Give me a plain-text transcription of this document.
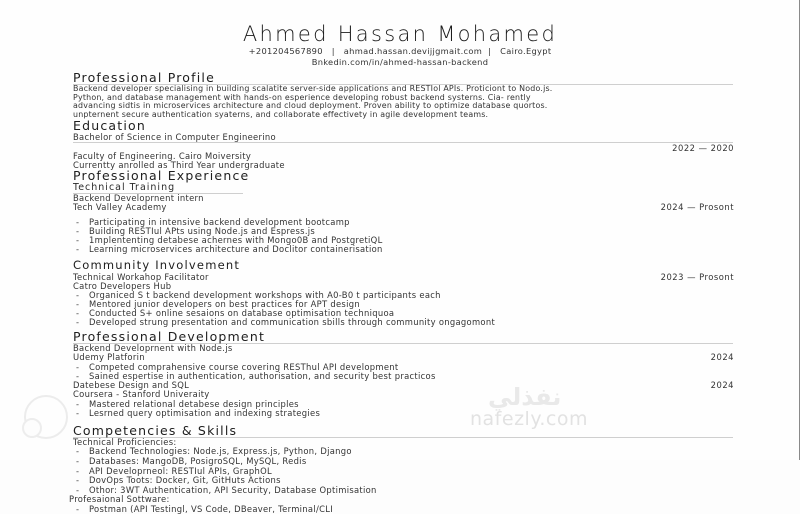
Ahmed Hassan Mohamed
+201204567890 | ahmad.hassan.devijjgmait.com | Cairo.Egypt
Bnkedin.com/in/ahmed-hassan-backend
Professional Profile
Backend developer specialising in building scalatite server-side applications and RESTIol APIs. Proticiont to Nodo.js.
Python, and database management with hands-on esperience developing robust backend systerns. Cia- rently
advancing sidtis in microservices architecture and cloud deployment. Proven ability to optimize database quortos.
unpternent secure authentication syaterns, and collaborate effectivety in agile development teams.
Education
Bachelor of Science in Computer Engineerino
2022 — 2020
Faculty of Engineering. Cairo Moiversity
Currentty anrolled as Third Year undergraduate
Professional Experience
Technical Training
Backend Developrnent intern
Tech Valley Academy	2024 — Prosont
- Participating in intensive backend development bootcamp
- Building RESTIul APts using Node.js and Espress.js
- 1mplententing detabese achernes with Mongo0B and PostgretiQL
- Learning microservices architecture and Doclitor containerisation
Community Involvement
Technical Workahop Facilitator	2023 — Prosont
Catro Developers Hub
- Organiced S t backend development workshops with A0-B0 t participants each
- Mentored junior developers on best practices for APT design
- Conducted S+ online sesaions on database optimisation techniquoa
- Developed strung presentation and communication sbills through community ongagomont
Professional Development
Backend Developrnent with Node.js
Udemy Platforin	2024
- Competed comprahensive course covering RESThul API development
- Sained espertise in authentication, authorisation, and security best practicos
Datebese Design and SQL	2024
Coursera - Stanford Univeraity
- Mastered relational detabese design principles
- Lesrned query optimisation and indexing strategies
Competencies & Skills
Technical Proficiencies:
- Backend Technologies: Node.js, Express.js, Python, Django
- Databases: MangoDB, PosigroSQL, MySQL, Redis
- API Developrneol: RESTIul APIs, GraphOL
- DovOps Toots: Docker, Git, GitHuts Actions
- Othor: 3WT Authentication, API Security, Database Optimisation
Profesaional Sottware:
- Postman (API Testingl, VS Code, DBeaver, Terminal/CLI
نفذلي
nafezly.com
